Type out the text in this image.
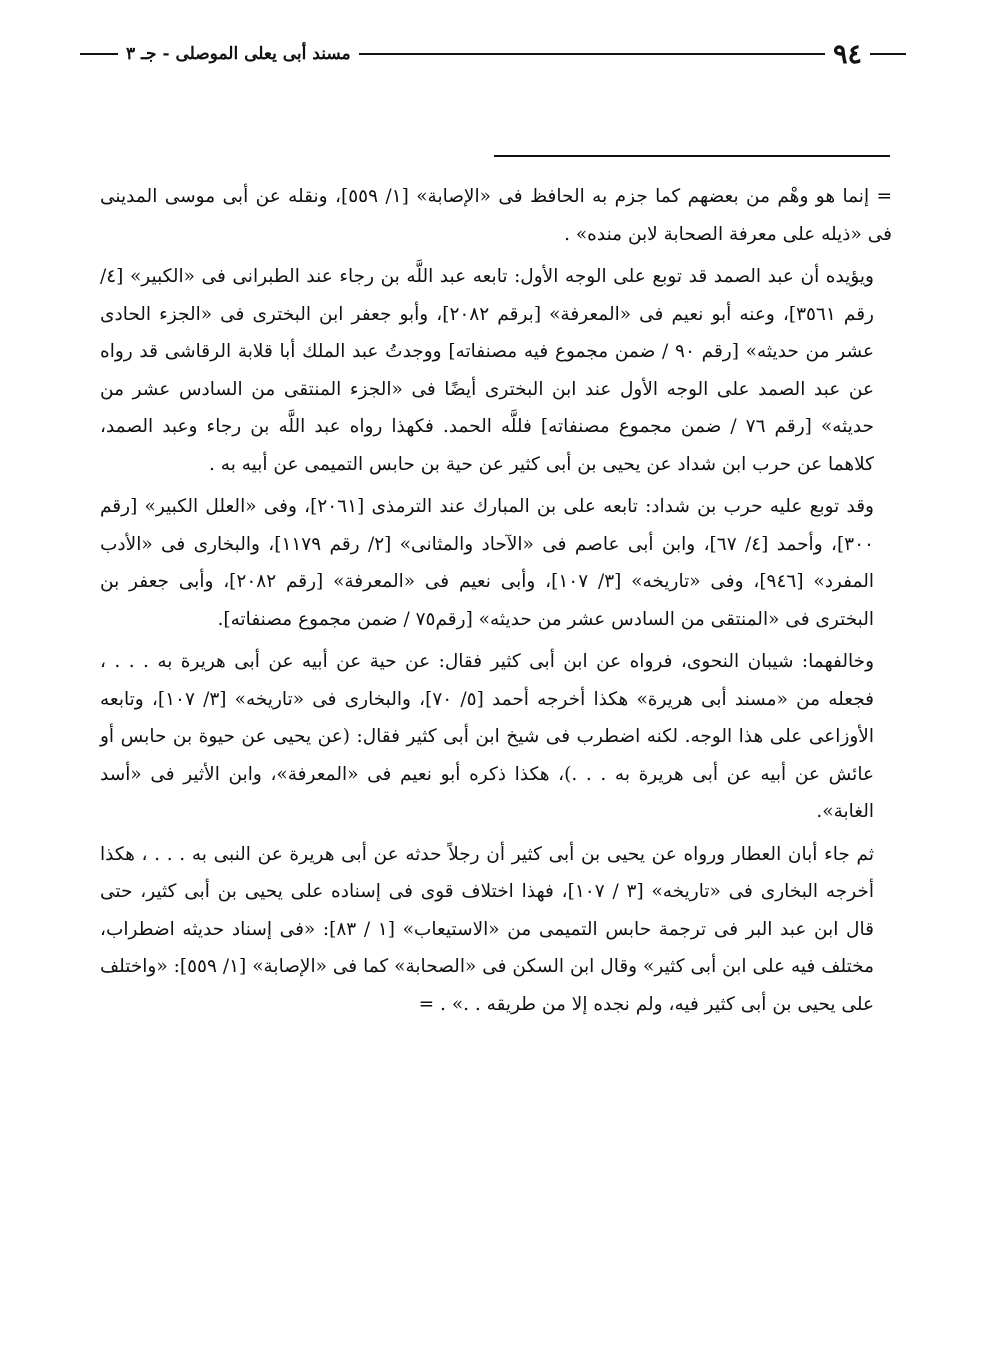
مسند أبى يعلى الموصلى - جـ ٣	٩٤

= إنما هو وهْم من بعضهم كما جزم به الحافظ فى «الإصابة» [١/ ٥٥٩]، ونقله عن أبى موسى المدينى فى «ذيله على معرفة الصحابة لابن منده» .

ويؤيده أن عبد الصمد قد توبع على الوجه الأول: تابعه عبد اللَّه بن رجاء عند الطبرانى فى «الكبير» [٤/ رقم ٣٥٦١]، وعنه أبو نعيم فى «المعرفة» [برقم ٢٠٨٢]، وأبو جعفر ابن البخترى فى «الجزء الحادى عشر من حديثه» [رقم ٩٠ / ضمن مجموع فيه مصنفاته] ووجدتُ عبد الملك أبا قلابة الرقاشى قد رواه عن عبد الصمد على الوجه الأول عند ابن البخترى أيضًا فى «الجزء المنتقى من السادس عشر من حديثه» [رقم ٧٦ / ضمن مجموع مصنفاته] فللَّه الحمد. فكهذا رواه عبد اللَّه بن رجاء وعبد الصمد، كلاهما عن حرب ابن شداد عن يحيى بن أبى كثير عن حية بن حابس التميمى عن أبيه به .

وقد توبع عليه حرب بن شداد: تابعه على بن المبارك عند الترمذى [٢٠٦١]، وفى «العلل الكبير» [رقم ٣٠٠]، وأحمد [٤/ ٦٧]، وابن أبى عاصم فى «الآحاد والمثانى» [٢/ رقم ١١٧٩]، والبخارى فى «الأدب المفرد» [٩٤٦]، وفى «تاريخه» [٣/ ١٠٧]، وأبى نعيم فى «المعرفة» [رقم ٢٠٨٢]، وأبى جعفر بن البخترى فى «المنتقى من السادس عشر من حديثه» [رقم٧٥ / ضمن مجموع مصنفاته].

وخالفهما: شيبان النحوى، فرواه عن ابن أبى كثير فقال: عن حية عن أبيه عن أبى هريرة به . . . ، فجعله من «مسند أبى هريرة» هكذا أخرجه أحمد [٥/ ٧٠]، والبخارى فى «تاريخه» [٣/ ١٠٧]، وتابعه الأوزاعى على هذا الوجه. لكنه اضطرب فى شيخ ابن أبى كثير فقال: (عن يحيى عن حيوة بن حابس أو عائش عن أبيه عن أبى هريرة به . . .)، هكذا ذكره أبو نعيم فى «المعرفة»، وابن الأثير فى «أسد الغابة».

ثم جاء أبان العطار ورواه عن يحيى بن أبى كثير أن رجلاً حدثه عن أبى هريرة عن النبى به . . . ، هكذا أخرجه البخارى فى «تاريخه» [٣ / ١٠٧]، فهذا اختلاف قوى فى إسناده على يحيى بن أبى كثير، حتى قال ابن عبد البر فى ترجمة حابس التميمى من «الاستيعاب» [١ / ٨٣]: «فى إسناد حديثه اضطراب، مختلف فيه على ابن أبى كثير» وقال ابن السكن فى «الصحابة» كما فى «الإصابة» [١/ ٥٥٩]: «واختلف على يحيى بن أبى كثير فيه، ولم نجده إلا من طريقه . .» . =
